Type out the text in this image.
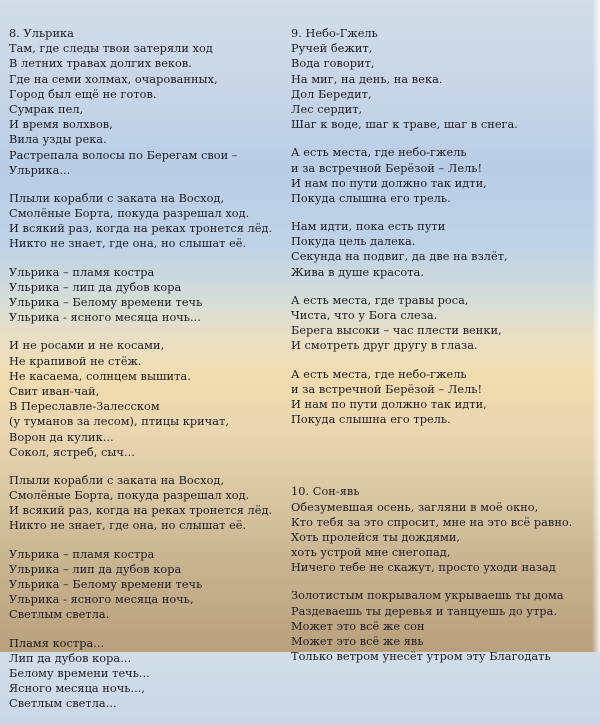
8. Ульрика
Там, где следы твои затеряли ход
В летних травах долгих веков.
Где на семи холмах, очарованных,
Город был ещё не готов.
Сумрак пел,
И время волхвов,
Вила узды река.
Растрепала волосы по Берегам свои –
Ульрика...
Плыли корабли с заката на Восход,
Смолёные Борта, покуда разрешал ход.
И всякий раз, когда на реках тронется лёд.
Никто не знает, где она, но слышат её.
Ульрика – пламя костра
Ульрика – лип да дубов кора
Ульрика – Белому времени течь
Ульрика - ясного месяца ночь...
И не росами и не косами,
Не крапивой не стёж.
Не касаема, солнцем вышита.
Свит иван-чай,
В Переславле-Залесском
(у туманов за лесом), птицы кричат,
Ворон да кулик...
Сокол, ястреб, сыч...
Плыли корабли с заката на Восход,
Смолёные Борта, покуда разрешал ход.
И всякий раз, когда на реках тронется лёд.
Никто не знает, где она, но слышат её.
Ульрика – пламя костра
Ульрика – лип да дубов кора
Ульрика – Белому времени течь
Ульрика - ясного месяца ночь,
Светлым светла.
Пламя костра...
Лип да дубов кора...
Белому времени течь...
Ясного месяца ночь...,
Светлым светла...
9. Небо-Гжель
Ручей бежит,
Вода говорит,
На миг, на день, на века.
Дол Бередит,
Лес сердит,
Шаг к воде, шаг к траве, шаг в снега.
А есть места, где небо-гжель
и за встречной Берёзой – Лель!
И нам по пути должно так идти,
Покуда слышна его трель.
Нам идти, пока есть пути
Покуда цель далека.
Секунда на подвиг, да две на взлёт,
Жива в душе красота.
А есть места, где травы роса,
Чиста, что у Бога слеза.
Берега высоки – час плести венки,
И смотреть друг другу в глаза.
А есть места, где небо-гжель
и за встречной Берёзой – Лель!
И нам по пути должно так идти,
Покуда слышна его трель.
10. Сон-явь
Обезумевшая осень, загляни в моё окно,
Кто тебя за это спросит, мне на это всё равно.
Хоть пролейся ты дождями,
хоть устрой мне снегопад,
Ничего тебе не скажут, просто уходи назад
Золотистым покрывалом укрываешь ты дома
Раздеваешь ты деревья и танцуешь до утра.
Может это всё же сон
Может это всё же явь
Только ветром унесёт утром эту Благодать
